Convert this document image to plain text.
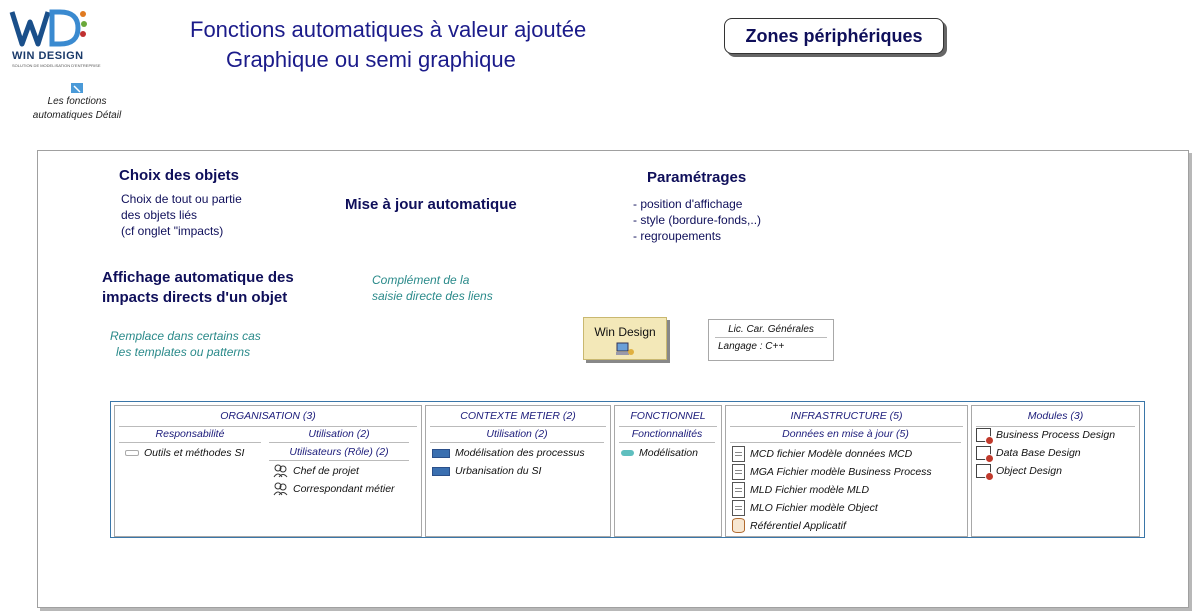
WIN DESIGN
SOLUTION DE MODELISATION D'ENTREPRISE
Les fonctions
automatiques Détail
Fonctions automatiques à valeur ajoutée
Graphique ou semi graphique
Zones périphériques
Choix des objets
Choix de tout ou partie
des objets liés
(cf onglet "impacts)
Mise à jour automatique
Paramétrages
- position d'affichage
- style (bordure-fonds,..)
- regroupements
Affichage automatique des
impacts directs d'un objet
Complément de la
saisie directe des liens
Remplace dans certains cas
les templates ou patterns
Win Design	Lic. Car. Générales
Langage : C++
ORGANISATION (3)
Responsabilité
Outils et méthodes SI
Utilisation (2)
Utilisateurs (Rôle) (2)
Chef de projet
Correspondant métier
CONTEXTE METIER (2)
Utilisation (2)
Modélisation des processus
Urbanisation du SI
FONCTIONNEL
Fonctionnalités
Modélisation
INFRASTRUCTURE (5)
Données en mise à jour (5)
MCD fichier Modèle données MCD
MGA Fichier modèle Business Process
MLD Fichier modèle MLD
MLO Fichier modèle Object
Référentiel Applicatif
Modules (3)
Business Process Design
Data Base Design
Object Design
